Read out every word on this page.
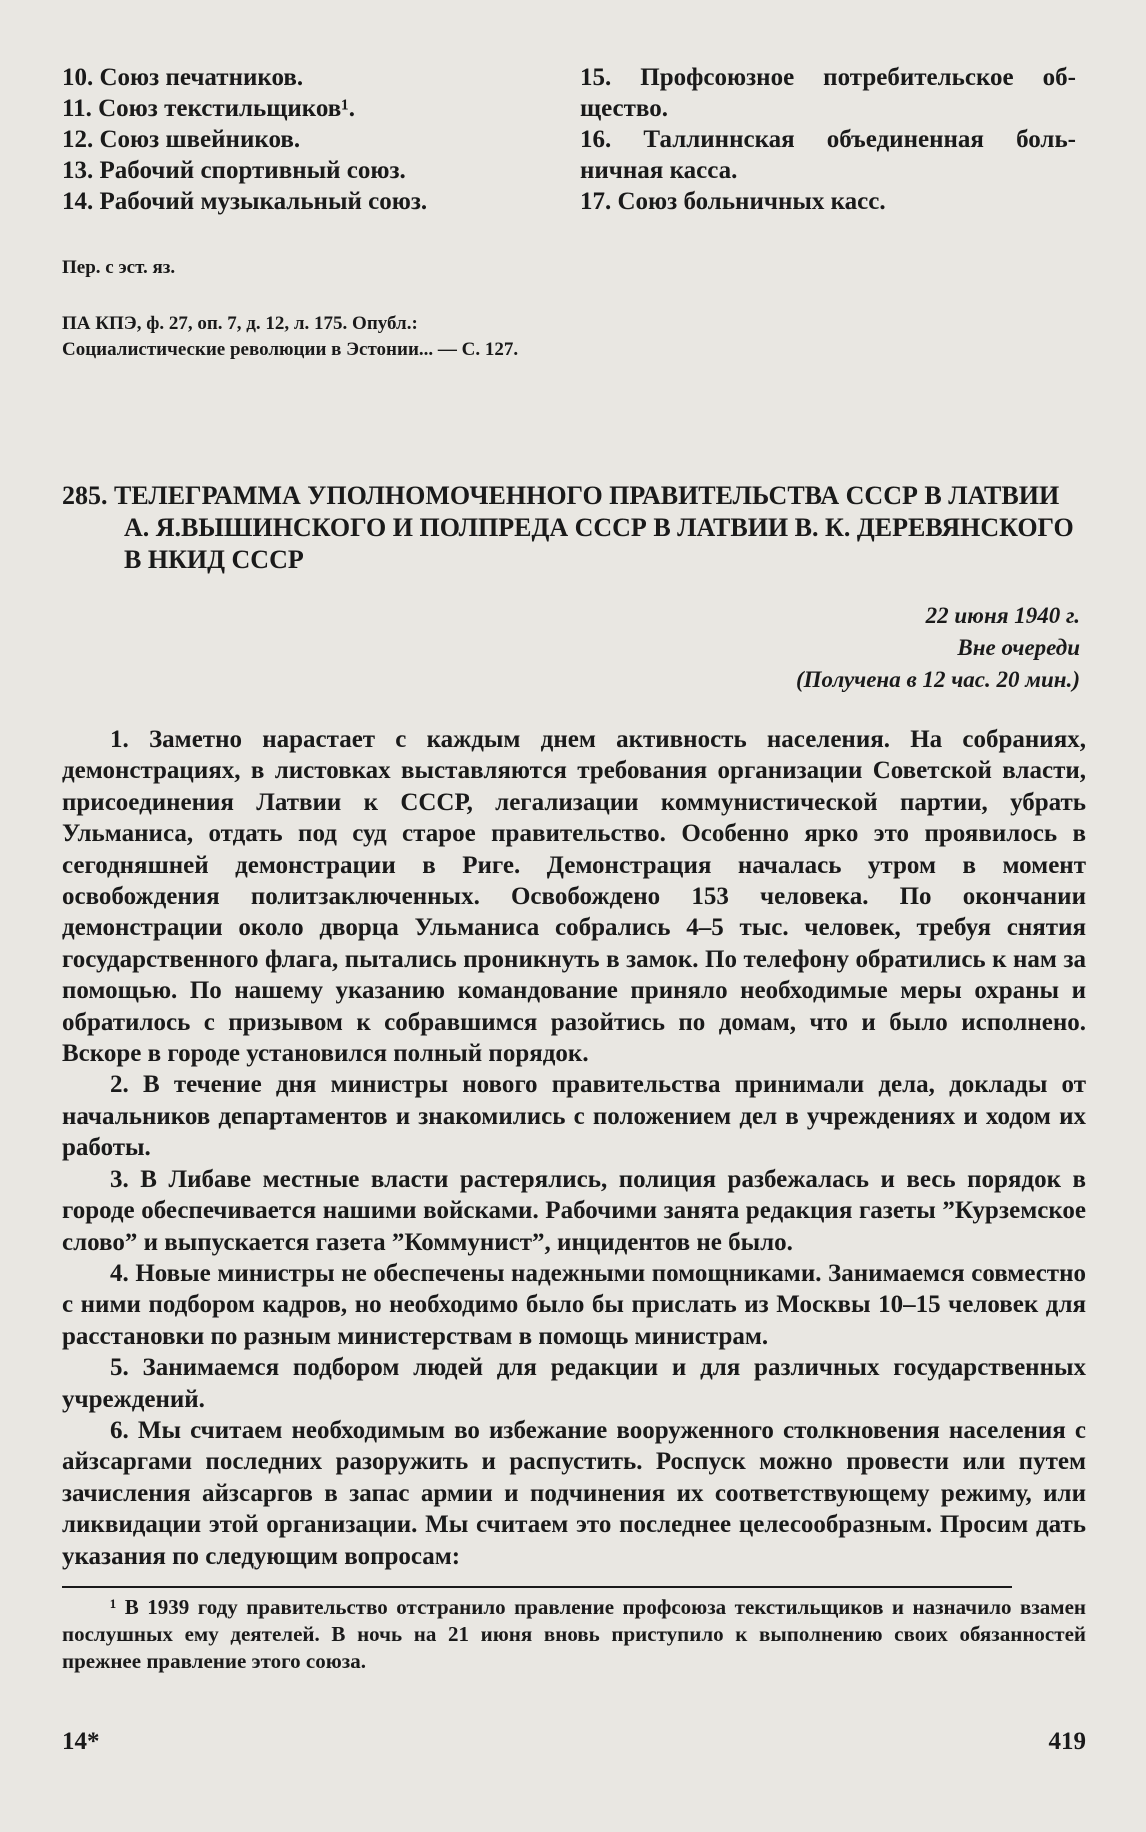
10. Союз печатников.
11. Союз текстильщиков¹.
12. Союз швейников.
13. Рабочий спортивный союз.
14. Рабочий музыкальный союз.
15. Профсоюзное потребительское об-
щество.
16. Таллиннская объединенная боль-
ничная касса.
17. Союз больничных касс.
Пер. с эст. яз.
ПА КПЭ, ф. 27, оп. 7, д. 12, л. 175. Опубл.:
Социалистические революции в Эстонии... — С. 127.
285. ТЕЛЕГРАММА УПОЛНОМОЧЕННОГО ПРАВИТЕЛЬСТВА СССР В ЛАТВИИ
А. Я.ВЫШИНСКОГО И ПОЛПРЕДА СССР В ЛАТВИИ В. К. ДЕРЕВЯНСКОГО
В НКИД СССР
22 июня 1940 г.
Вне очереди
(Получена в 12 час. 20 мин.)

1. Заметно нарастает с каждым днем активность населения. На собраниях, демонстрациях, в листовках выставляются требования организации Советской власти, присоединения Латвии к СССР, легализации коммунистической партии, убрать Ульманиса, отдать под суд старое правительство. Особенно ярко это проявилось в сегодняшней демонстрации в Риге. Демонстрация началась утром в момент освобождения политзаключенных. Освобождено 153 человека. По окончании демонстрации около дворца Ульманиса собрались 4–5 тыс. человек, требуя снятия государственного флага, пытались проникнуть в замок. По телефону обратились к нам за помощью. По нашему указанию командование приняло необходимые меры охраны и обратилось с призывом к собравшимся разойтись по домам, что и было исполнено. Вскоре в городе установился полный порядок.

2. В течение дня министры нового правительства принимали дела, доклады от начальников департаментов и знакомились с положением дел в учреждениях и ходом их работы.

3. В Либаве местные власти растерялись, полиция разбежалась и весь порядок в городе обеспечивается нашими войсками. Рабочими занята редакция газеты ”Курземское слово” и выпускается газета ”Коммунист”, инцидентов не было.

4. Новые министры не обеспечены надежными помощниками. Занимаемся совместно с ними подбором кадров, но необходимо было бы прислать из Москвы 10–15 человек для расстановки по разным министерствам в помощь министрам.

5. Занимаемся подбором людей для редакции и для различных государственных учреждений.

6. Мы считаем необходимым во избежание вооруженного столкновения населения с айзсаргами последних разоружить и распустить. Роспуск можно провести или путем зачисления айзсаргов в запас армии и подчинения их соответствующему режиму, или ликвидации этой организации. Мы считаем это последнее целесообразным. Просим дать указания по следующим вопросам:

¹ В 1939 году правительство отстранило правление профсоюза текстильщиков и назначило взамен послушных ему деятелей. В ночь на 21 июня вновь приступило к выполнению своих обязанностей прежнее правление этого союза.
14*	419
